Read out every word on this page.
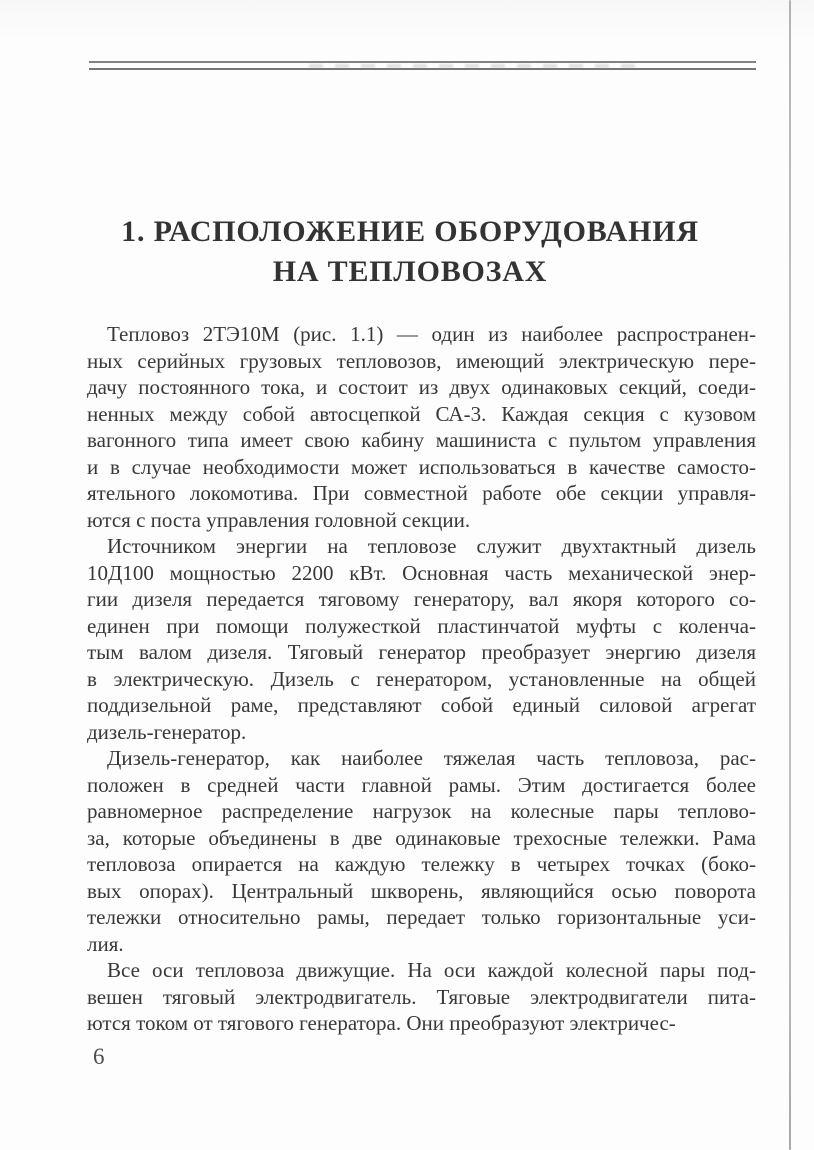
1. РАСПОЛОЖЕНИЕ ОБОРУДОВАНИЯ
НА ТЕПЛОВОЗАХ

Тепловоз 2ТЭ10М (рис. 1.1) — один из наиболее распространен-
ных серийных грузовых тепловозов, имеющий электрическую пере-
дачу постоянного тока, и состоит из двух одинаковых секций, соеди-
ненных между собой автосцепкой СА-3. Каждая секция с кузовом
вагонного типа имеет свою кабину машиниста с пультом управления
и в случае необходимости может использоваться в качестве самосто-
ятельного локомотива. При совместной работе обе секции управля-
ются с поста управления головной секции.

Источником энергии на тепловозе служит двухтактный дизель
10Д100 мощностью 2200 кВт. Основная часть механической энер-
гии дизеля передается тяговому генератору, вал якоря которого со-
единен при помощи полужесткой пластинчатой муфты с коленча-
тым валом дизеля. Тяговый генератор преобразует энергию дизеля
в электрическую. Дизель с генератором, установленные на общей
поддизельной раме, представляют собой единый силовой агрегат
дизель-генератор.

Дизель-генератор, как наиболее тяжелая часть тепловоза, рас-
положен в средней части главной рамы. Этим достигается более
равномерное распределение нагрузок на колесные пары теплово-
за, которые объединены в две одинаковые трехосные тележки. Рама
тепловоза опирается на каждую тележку в четырех точках (боко-
вых опорах). Центральный шкворень, являющийся осью поворота
тележки относительно рамы, передает только горизонтальные уси-
лия.

Все оси тепловоза движущие. На оси каждой колесной пары под-
вешен тяговый электродвигатель. Тяговые электродвигатели пита-
ются током от тягового генератора. Они преобразуют электричес-

6
